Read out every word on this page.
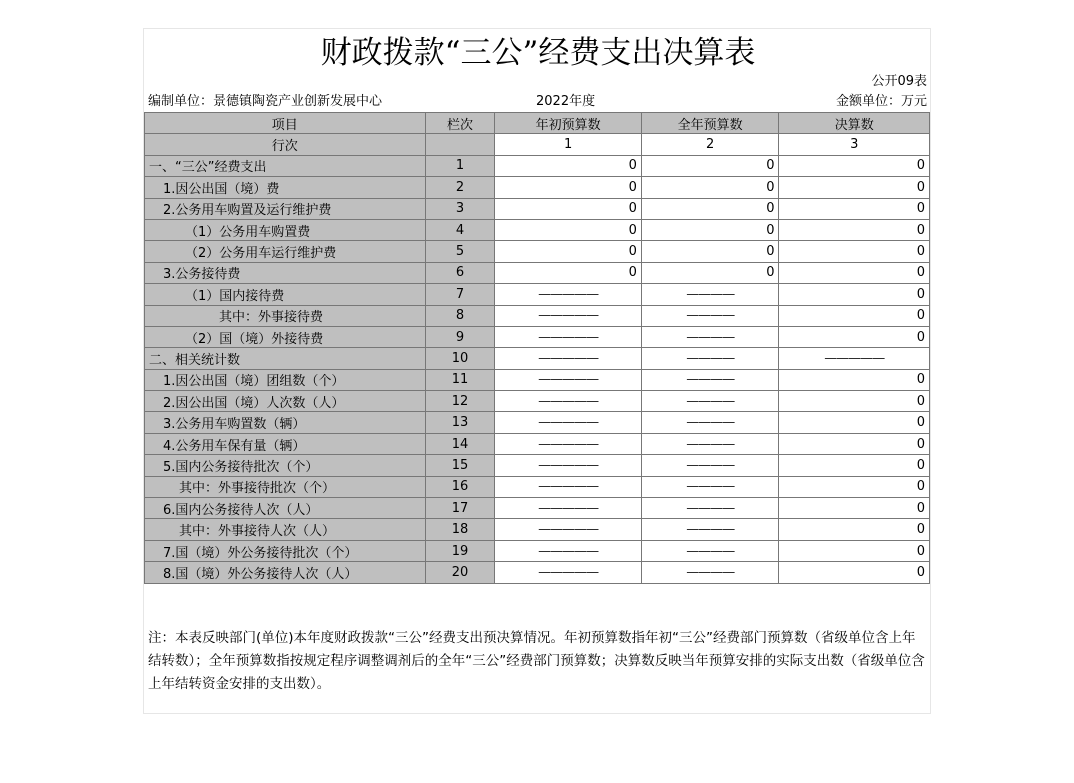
财政拨款“三公”经费支出决算表
公开09表
编制单位：景德镇陶瓷产业创新发展中心	2022年度	金额单位：万元
项目	栏次	年初预算数	全年预算数	决算数
行次		1	2	3
一、“三公”经费支出	1	0	0	0
1.因公出国（境）费	2	0	0	0
2.公务用车购置及运行维护费	3	0	0	0
（1）公务用车购置费	4	0	0	0
（2）公务用车运行维护费	5	0	0	0
3.公务接待费	6	0	0	0
（1）国内接待费	7	—————	————	0
其中：外事接待费	8	—————	————	0
（2）国（境）外接待费	9	—————	————	0
二、相关统计数	10	—————	————	—————
1.因公出国（境）团组数（个）	11	—————	————	0
2.因公出国（境）人次数（人）	12	—————	————	0
3.公务用车购置数（辆）	13	—————	————	0
4.公务用车保有量（辆）	14	—————	————	0
5.国内公务接待批次（个）	15	—————	————	0
其中：外事接待批次（个）	16	—————	————	0
6.国内公务接待人次（人）	17	—————	————	0
其中：外事接待人次（人）	18	—————	————	0
7.国（境）外公务接待批次（个）	19	—————	————	0
8.国（境）外公务接待人次（人）	20	—————	————	0
注：本表反映部门(单位)本年度财政拨款“三公”经费支出预决算情况。年初预算数指年初“三公”经费部门预算数（省级单位含上年结转数）；全年预算数指按规定程序调整调剂后的全年“三公”经费部门预算数；决算数反映当年预算安排的实际支出数（省级单位含上年结转资金安排的支出数）。
